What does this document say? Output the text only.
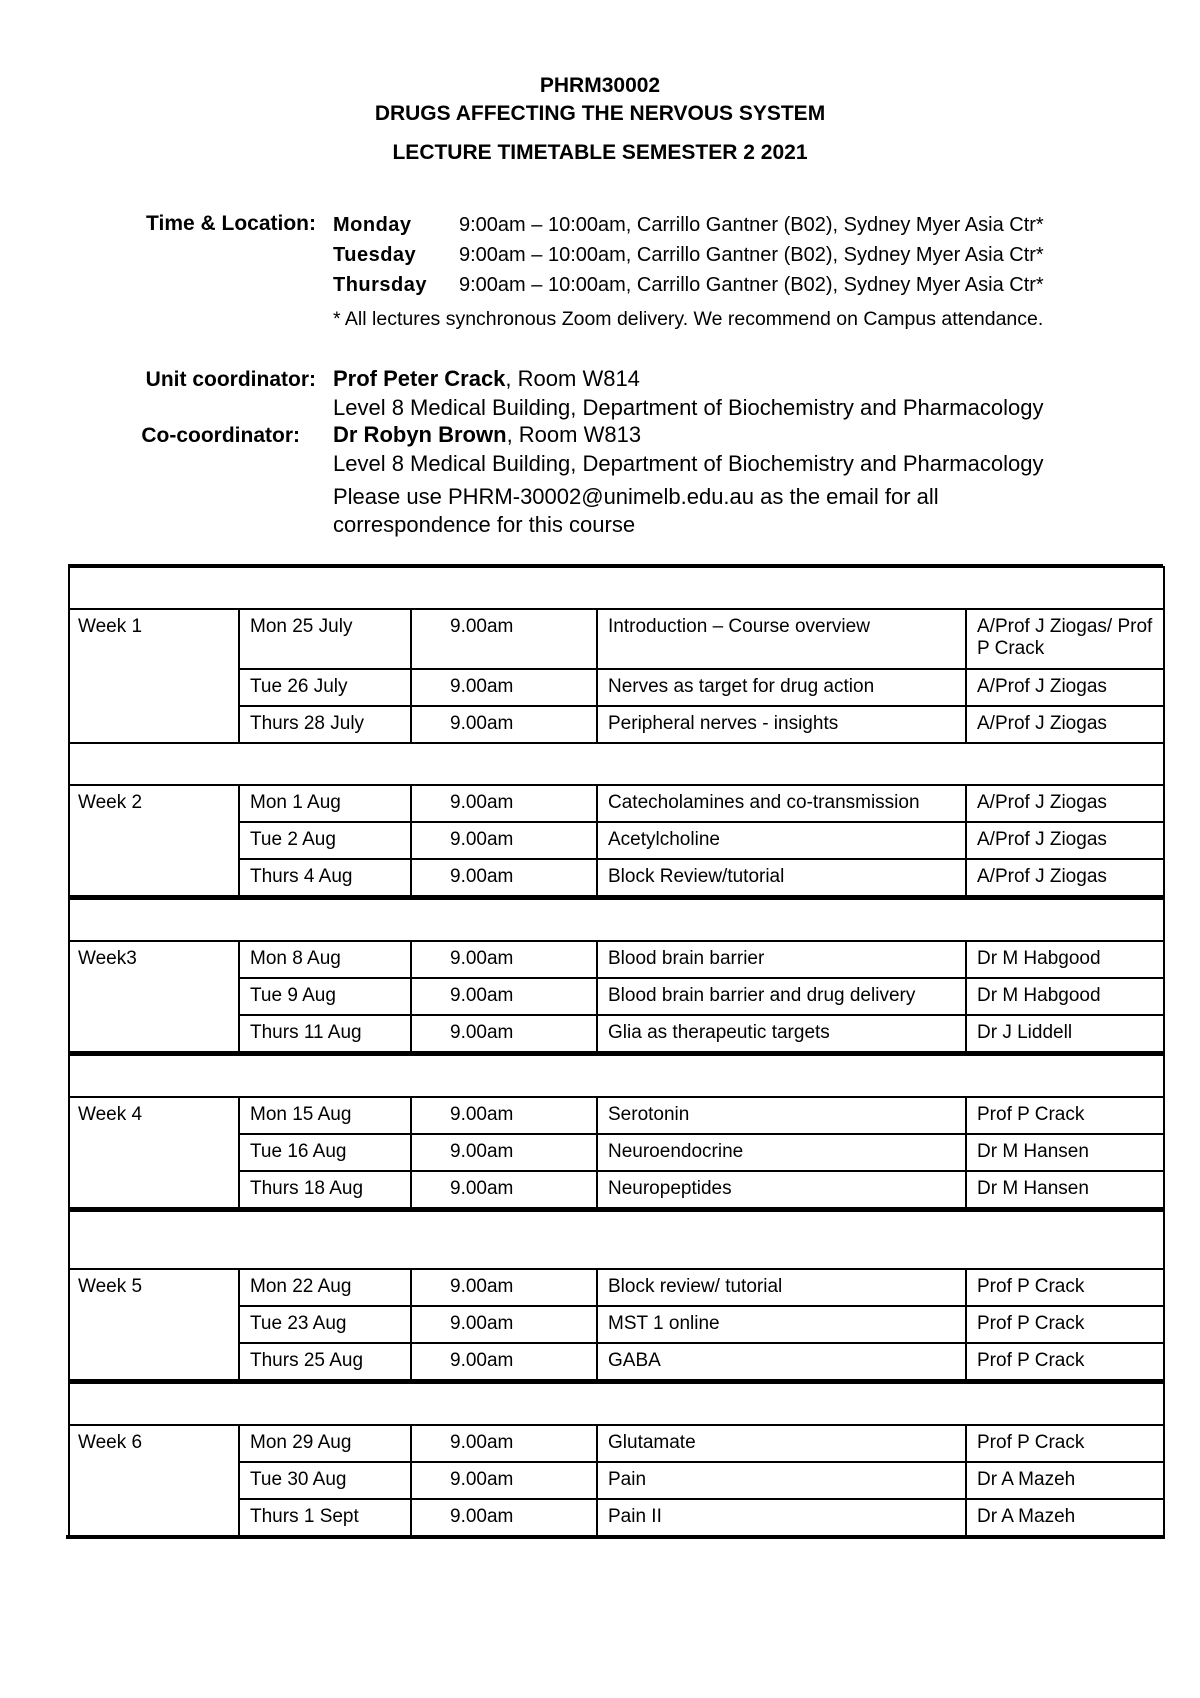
PHRM30002
DRUGS AFFECTING THE NERVOUS SYSTEM
LECTURE TIMETABLE SEMESTER 2 2021
Time & Location: Monday 9:00am – 10:00am, Carrillo Gantner (B02), Sydney Myer Asia Ctr*
Tuesday 9:00am – 10:00am, Carrillo Gantner (B02), Sydney Myer Asia Ctr*
Thursday 9:00am – 10:00am, Carrillo Gantner (B02), Sydney Myer Asia Ctr*
* All lectures synchronous Zoom delivery. We recommend on Campus attendance.
Unit coordinator: Prof Peter Crack, Room W814
Level 8 Medical Building, Department of Biochemistry and Pharmacology
Co-coordinator: Dr Robyn Brown, Room W813
Level 8 Medical Building, Department of Biochemistry and Pharmacology
Please use PHRM-30002@unimelb.edu.au as the email for all
correspondence for this course

Week 1	Mon 25 July	9.00am	Introduction – Course overview	A/Prof J Ziogas/ Prof P Crack
	Tue 26 July	9.00am	Nerves as target for drug action	A/Prof J Ziogas
	Thurs 28 July	9.00am	Peripheral nerves - insights	A/Prof J Ziogas

Week 2	Mon 1 Aug	9.00am	Catecholamines and co-transmission	A/Prof J Ziogas
	Tue 2 Aug	9.00am	Acetylcholine	A/Prof J Ziogas
	Thurs 4 Aug	9.00am	Block Review/tutorial	A/Prof J Ziogas

Week3	Mon 8 Aug	9.00am	Blood brain barrier	Dr M Habgood
	Tue 9 Aug	9.00am	Blood brain barrier and drug delivery	Dr M Habgood
	Thurs 11 Aug	9.00am	Glia as therapeutic targets	Dr J Liddell

Week 4	Mon 15 Aug	9.00am	Serotonin	Prof P Crack
	Tue 16 Aug	9.00am	Neuroendocrine	Dr M Hansen
	Thurs 18 Aug	9.00am	Neuropeptides	Dr M Hansen

Week 5	Mon 22 Aug	9.00am	Block review/ tutorial	Prof P Crack
	Tue 23 Aug	9.00am	MST 1 online	Prof P Crack
	Thurs 25 Aug	9.00am	GABA	Prof P Crack

Week 6	Mon 29 Aug	9.00am	Glutamate	Prof P Crack
	Tue 30 Aug	9.00am	Pain	Dr A Mazeh
	Thurs 1 Sept	9.00am	Pain II	Dr A Mazeh
